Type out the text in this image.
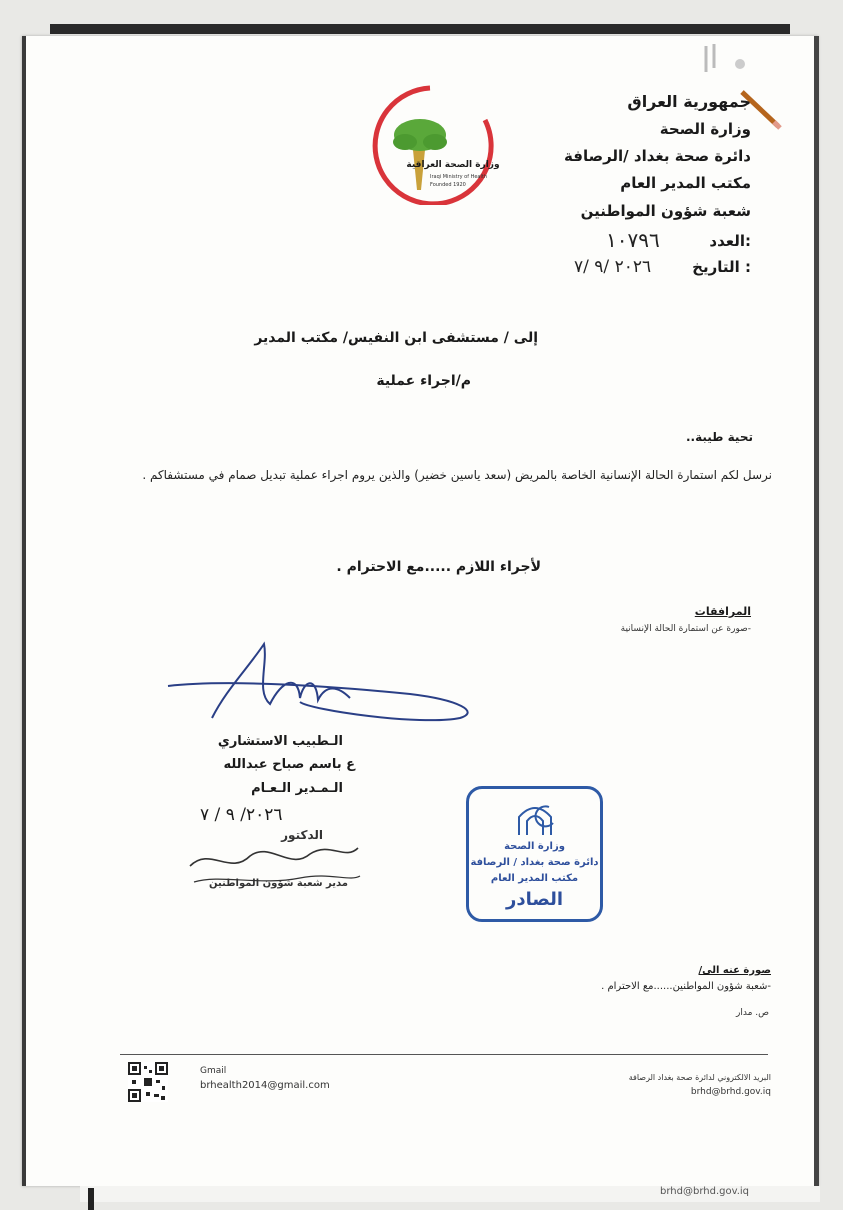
جمهورية العراق
وزارة الصحة
دائرة صحة بغداد /الرصافة
مكتب المدير العام
شعبة شؤون المواطنين
العدد:
١٠٧٩٦
التاريخ :
٢٠٢٦ /٩ /٧
وزارة الصحة العراقية
Iraqi Ministry of Health
Founded 1920
إلى / مستشفى ابن النفيس/ مكتب المدير
م/اجراء عملية
تحية طيبة..
نرسل لكم استمارة الحالة الإنسانية الخاصة بالمريض (سعد ياسين خضير) والذين يروم اجراء عملية تبديل صمام في مستشفاكم .
لأجراء اللازم .....مع الاحترام .
المرافقات
-صورة عن استمارة الحالة الإنسانية
الـطبيب الاستشاري
ع باسم صباح عبدالله
الـمـدير الـعـام
٢٠٢٦/ ٩ / ٧
الدكتور
مدير شعبة شؤون المواطنين
وزارة الصحة
دائرة صحة بغداد / الرصافة
مكتب المدير العام
الصادر
صورة عنه الى/
-شعبة شؤون المواطنين......مع الاحترام .
ص. مدار
Gmail
brhealth2014@gmail.com
البريد الالكتروني لدائرة صحة بغداد الرصافة
brhd@brhd.gov.iq
brhd@brhd.gov.iq
